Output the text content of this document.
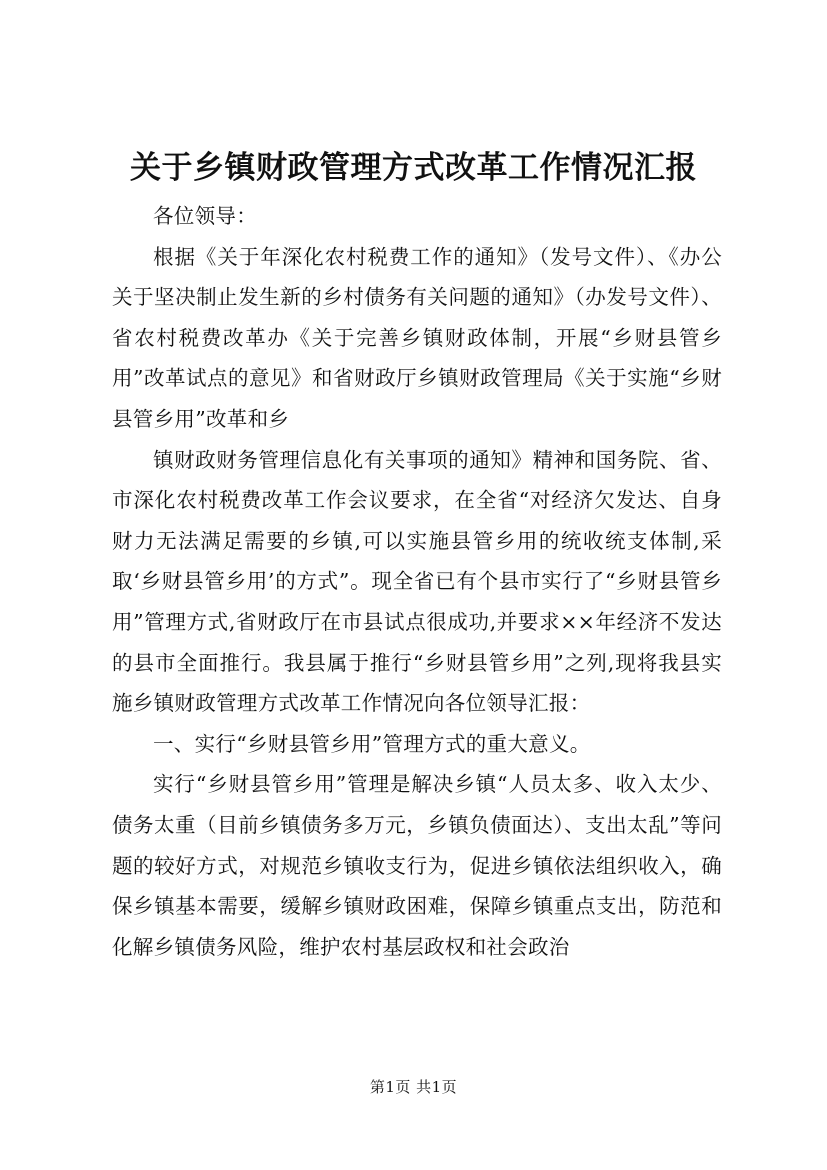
关于乡镇财政管理方式改革工作情况汇报

各位领导：

根据《关于年深化农村税费工作的通知》（发号文件）、《办公关于坚决制止发生新的乡村债务有关问题的通知》（办发号文件）、省农村税费改革办《关于完善乡镇财政体制，开展“乡财县管乡用”改革试点的意见》和省财政厅乡镇财政管理局《关于实施“乡财县管乡用”改革和乡

镇财政财务管理信息化有关事项的通知》精神和国务院、省、市深化农村税费改革工作会议要求，在全省“对经济欠发达、自身财力无法满足需要的乡镇,可以实施县管乡用的统收统支体制,采取‘乡财县管乡用’的方式”。现全省已有个县市实行了“乡财县管乡用”管理方式,省财政厅在市县试点很成功,并要求××年经济不发达的县市全面推行。我县属于推行“乡财县管乡用”之列,现将我县实施乡镇财政管理方式改革工作情况向各位领导汇报：

一、实行“乡财县管乡用”管理方式的重大意义。

实行“乡财县管乡用”管理是解决乡镇“人员太多、收入太少、债务太重（目前乡镇债务多万元，乡镇负债面达）、支出太乱”等问题的较好方式，对规范乡镇收支行为，促进乡镇依法组织收入，确保乡镇基本需要，缓解乡镇财政困难，保障乡镇重点支出，防范和化解乡镇债务风险，维护农村基层政权和社会政治

第1页 共1页
